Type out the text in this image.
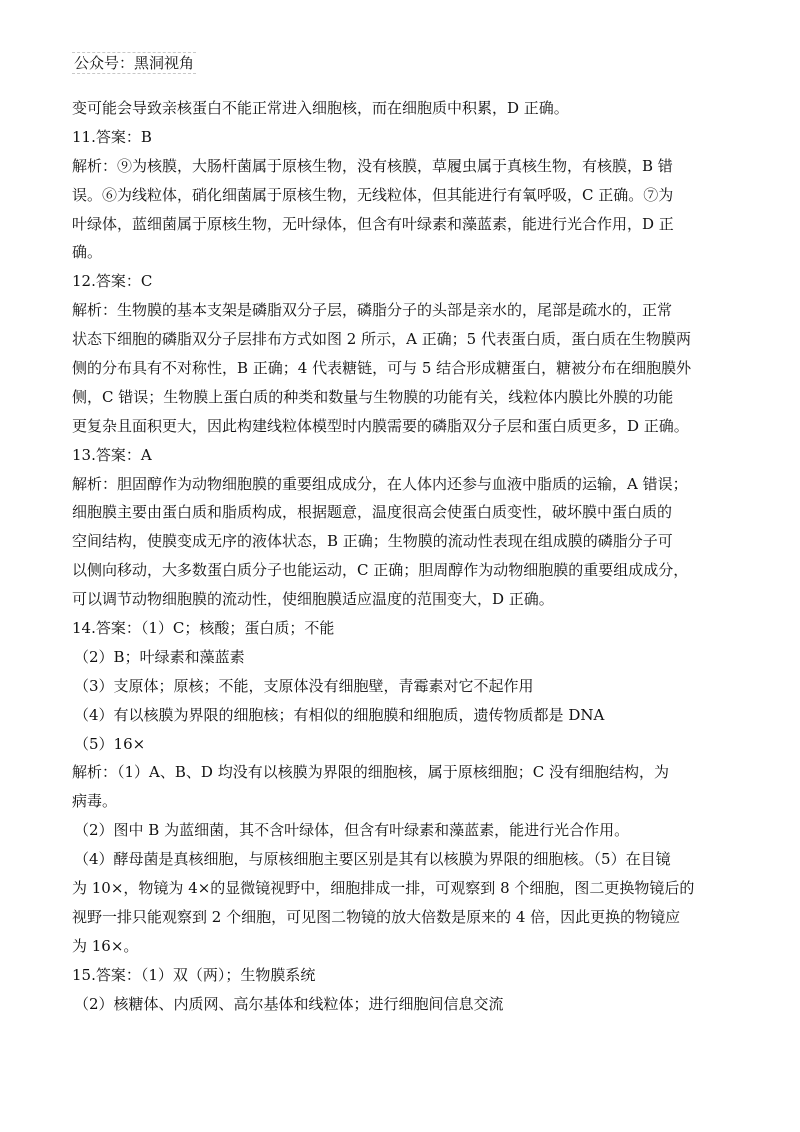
公众号：黑洞视角
变可能会导致亲核蛋白不能正常进入细胞核，而在细胞质中积累，D 正确。
11.答案：B
解析：⑨为核膜，大肠杆菌属于原核生物，没有核膜，草履虫属于真核生物，有核膜，B 错
误。⑥为线粒体，硝化细菌属于原核生物，无线粒体，但其能进行有氧呼吸，C 正确。⑦为
叶绿体，蓝细菌属于原核生物，无叶绿体，但含有叶绿素和藻蓝素，能进行光合作用，D 正
确。
12.答案：C
解析：生物膜的基本支架是磷脂双分子层，磷脂分子的头部是亲水的，尾部是疏水的，正常
状态下细胞的磷脂双分子层排布方式如图 2 所示，A 正确；5 代表蛋白质，蛋白质在生物膜两
侧的分布具有不对称性，B 正确；4 代表糖链，可与 5 结合形成糖蛋白，糖被分布在细胞膜外
侧，C 错误；生物膜上蛋白质的种类和数量与生物膜的功能有关，线粒体内膜比外膜的功能
更复杂且面积更大，因此构建线粒体模型时内膜需要的磷脂双分子层和蛋白质更多，D 正确。
13.答案：A
解析：胆固醇作为动物细胞膜的重要组成成分，在人体内还参与血液中脂质的运输，A 错误；
细胞膜主要由蛋白质和脂质构成，根据题意，温度很高会使蛋白质变性，破坏膜中蛋白质的
空间结构，使膜变成无序的液体状态，B 正确；生物膜的流动性表现在组成膜的磷脂分子可
以侧向移动，大多数蛋白质分子也能运动，C 正确；胆周醇作为动物细胞膜的重要组成成分，
可以调节动物细胞膜的流动性，使细胞膜适应温度的范围变大，D 正确。
14.答案：（1）C；核酸；蛋白质；不能
（2）B；叶绿素和藻蓝素
（3）支原体；原核；不能，支原体没有细胞壁，青霉素对它不起作用
（4）有以核膜为界限的细胞核；有相似的细胞膜和细胞质，遗传物质都是 DNA
（5）16×
解析：（1）A、B、D 均没有以核膜为界限的细胞核，属于原核细胞；C 没有细胞结构，为
病毒。
（2）图中 B 为蓝细菌，其不含叶绿体，但含有叶绿素和藻蓝素，能进行光合作用。
（4）酵母菌是真核细胞，与原核细胞主要区别是其有以核膜为界限的细胞核。（5）在目镜
为 10×，物镜为 4×的显微镜视野中，细胞排成一排，可观察到 8 个细胞，图二更换物镜后的
视野一排只能观察到 2 个细胞，可见图二物镜的放大倍数是原来的 4 倍，因此更换的物镜应
为 16×。
15.答案：（1）双（两）；生物膜系统
（2）核糖体、内质网、高尔基体和线粒体；进行细胞间信息交流
